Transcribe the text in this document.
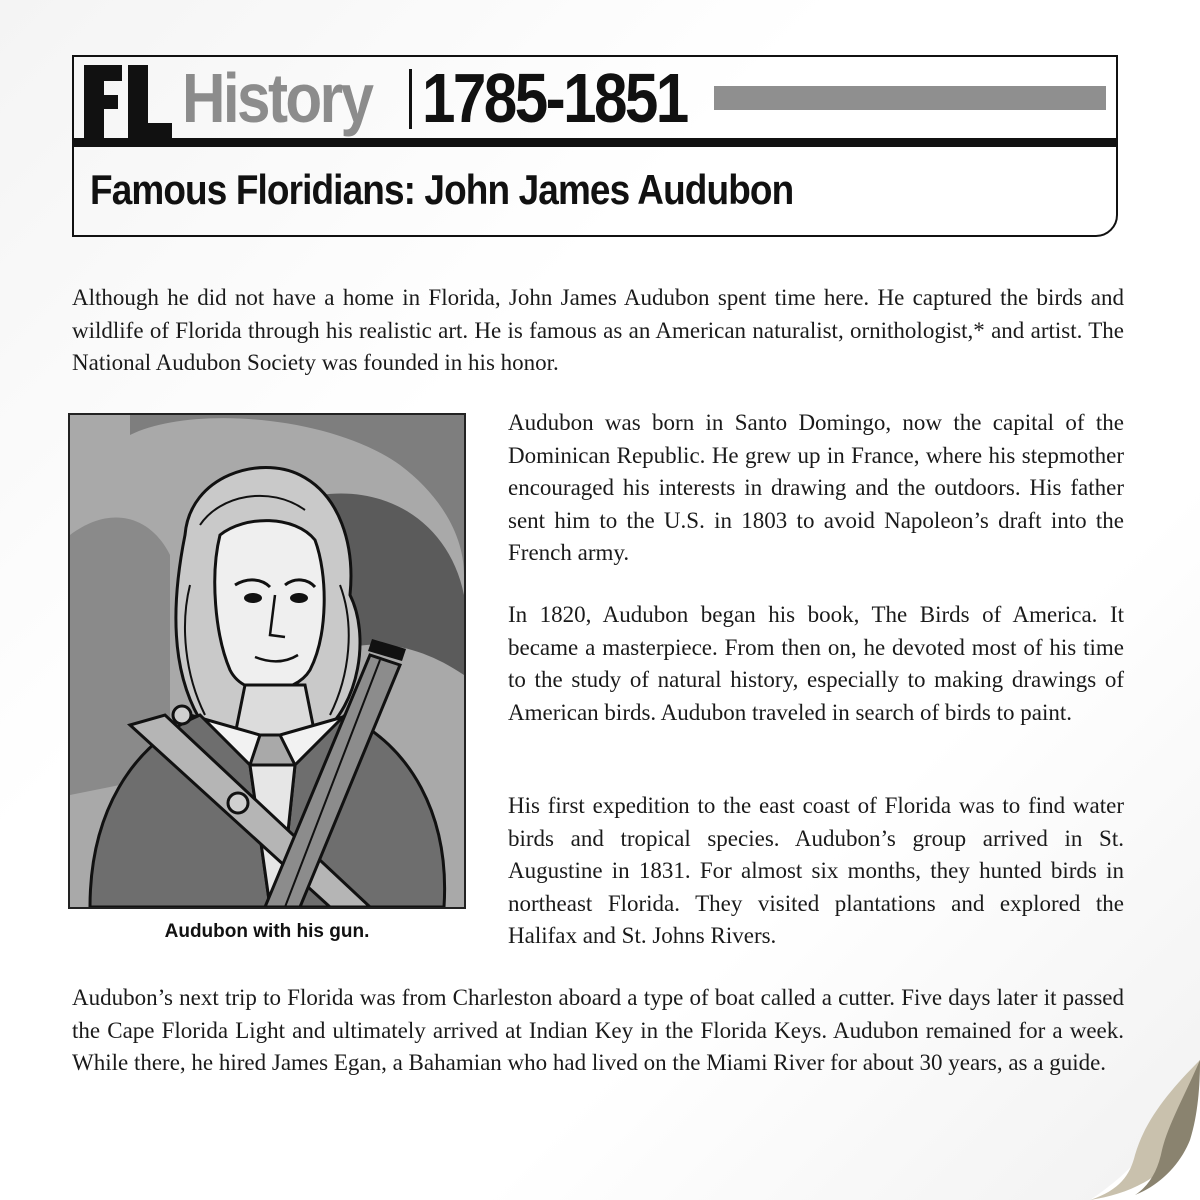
History 1785-1851
Famous Floridians: John James Audubon

Although he did not have a home in Florida, John James Audubon spent time here. He captured the birds and wildlife of Florida through his realistic art. He is famous as an American naturalist, ornithologist,* and artist. The National Audubon Society was founded in his honor.

Audubon with his gun.

Audubon was born in Santo Domingo, now the capital of the Dominican Republic. He grew up in France, where his stepmother encouraged his interests in drawing and the outdoors. His father sent him to the U.S. in 1803 to avoid Napoleon’s draft into the French army.

In 1820, Audubon began his book, The Birds of America. It became a masterpiece. From then on, he devoted most of his time to the study of natural history, especially to making drawings of American birds. Audubon traveled in search of birds to paint.

His first expedition to the east coast of Florida was to find water birds and tropical species. Audubon’s group arrived in St. Augustine in 1831. For almost six months, they hunted birds in northeast Florida. They visited plantations and explored the Halifax and St. Johns Rivers.

Audubon’s next trip to Florida was from Charleston aboard a type of boat called a cutter. Five days later it passed the Cape Florida Light and ultimately arrived at Indian Key in the Florida Keys. Audubon remained for a week. While there, he hired James Egan, a Bahamian who had lived on the Miami River for about 30 years, as a guide.
